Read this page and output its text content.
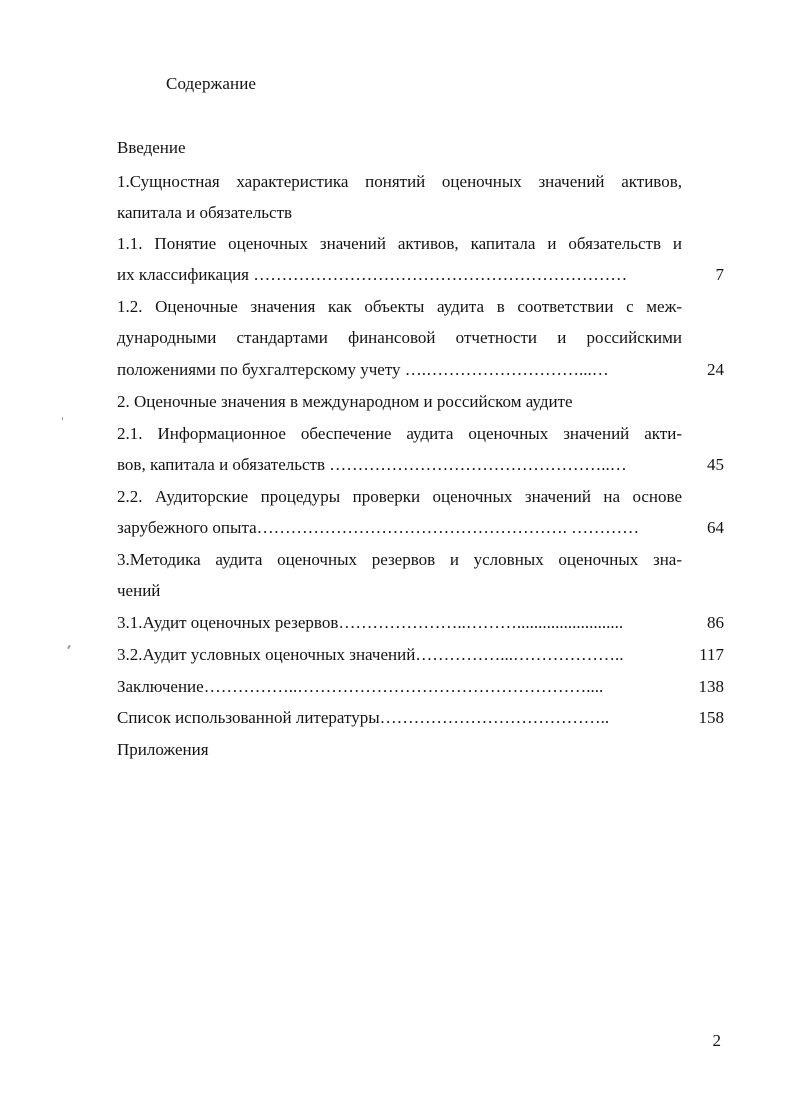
Содержание
Введение
1.Сущностная характеристика понятий оценочных значений активов,
капитала и обязательств
1.1. Понятие оценочных значений активов, капитала и обязательств и
их классификация …………………………………………………………	7
1.2. Оценочные значения как объекты аудита в соответствии с меж-
дународными стандартами финансовой отчетности и российскими
положениями по бухгалтерскому учету ….………………………...…	24
2. Оценочные значения в международном и российском аудите
2.1. Информационное обеспечение аудита оценочных значений акти-
вов, капитала и обязательств …………………………………………..…	45
2.2. Аудиторские процедуры проверки оценочных значений на основе
зарубежного опыта………………………………………………. …………	64
3.Методика аудита оценочных резервов и условных оценочных зна-
чений
3.1.Аудит оценочных резервов…………………..……….........................	86
3.2.Аудит условных оценочных значений……………...………………..	117
Заключение……………..……………………………………………....	138
Список использованной литературы…………………………………..	158
Приложения
2
